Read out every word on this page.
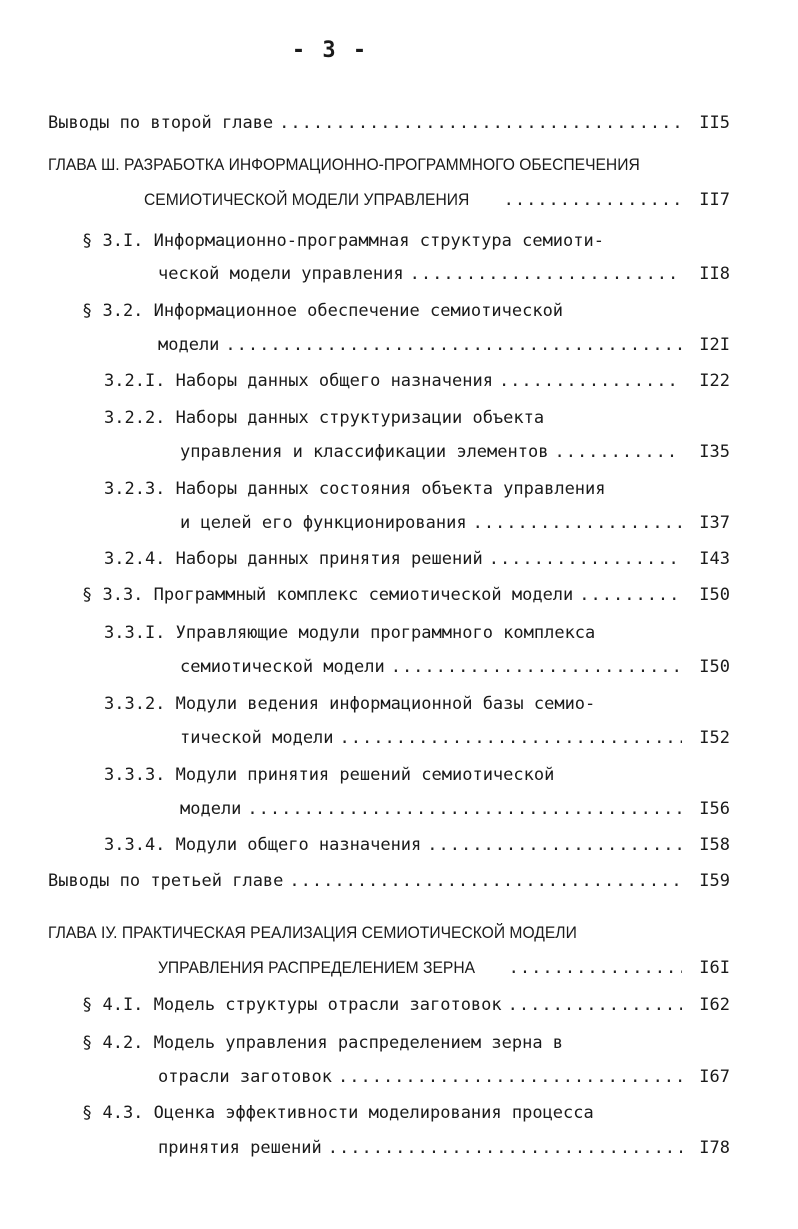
- 3 -
Выводы по второй главе .....	II5
ГЛАВА Ш. РАЗРАБОТКА ИНФОРМАЦИОННО-ПРОГРАММНОГО ОБЕСПЕЧЕНИЯ
СЕМИОТИЧЕСКОЙ МОДЕЛИ УПРАВЛЕНИЯ .....	II7
§ 3.I. Информационно-программная структура семиоти-
ческой модели управления .....	II8
§ 3.2. Информационное обеспечение семиотической
модели .....	I2I
3.2.I. Наборы данных общего назначения .....	I22
3.2.2. Наборы данных структуризации объекта
управления и классификации элементов .....	I35
3.2.3. Наборы данных состояния объекта управления
и целей его функционирования .....	I37
3.2.4. Наборы данных принятия решений .....	I43
§ 3.3. Программный комплекс семиотической модели .....	I50
3.3.I. Управляющие модули программного комплекса
семиотической модели .....	I50
3.3.2. Модули ведения информационной базы семио-
тической модели .....	I52
3.3.3. Модули принятия решений семиотической
модели .....	I56
3.3.4. Модули общего назначения .....	I58
Выводы по третьей главе .....	I59
ГЛАВА IУ. ПРАКТИЧЕСКАЯ РЕАЛИЗАЦИЯ СЕМИОТИЧЕСКОЙ МОДЕЛИ
УПРАВЛЕНИЯ РАСПРЕДЕЛЕНИЕМ ЗЕРНА .....	I6I
§ 4.I. Модель структуры отрасли заготовок .....	I62
§ 4.2. Модель управления распределением зерна в
отрасли заготовок .....	I67
§ 4.3. Оценка эффективности моделирования процесса
принятия решений .....	I78
